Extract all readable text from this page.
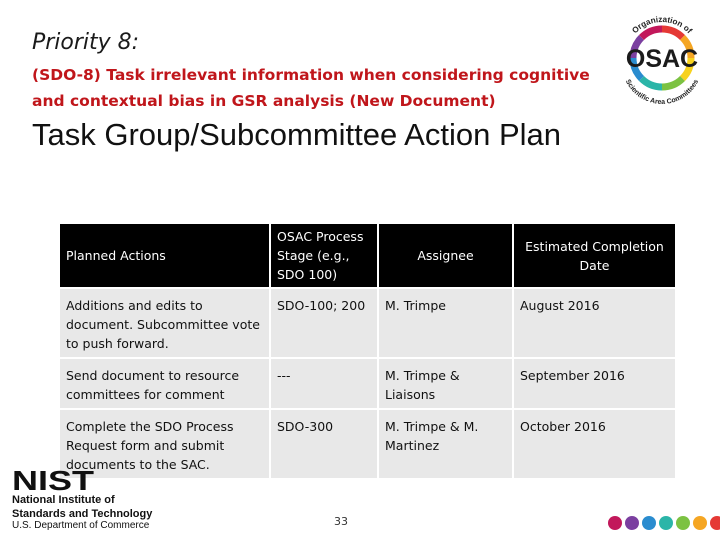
Priority 8:
(SDO-8) Task irrelevant information when considering cognitive and contextual bias in GSR analysis (New Document)
Task Group/Subcommittee Action Plan
Organization of
Scientific Area Committees
OSAC
Planned Actions	OSAC Process Stage (e.g., SDO 100)	Assignee	Estimated Completion Date
Additions and edits to document. Subcommittee vote to push forward.	SDO-100; 200	M. Trimpe	August 2016
Send document to resource committees for comment	---	M. Trimpe & Liaisons	September 2016
Complete the SDO Process Request form and submit documents to the SAC.	SDO-300	M. Trimpe & M. Martinez	October 2016
NIST
National Institute of
Standards and Technology
U.S. Department of Commerce	33
